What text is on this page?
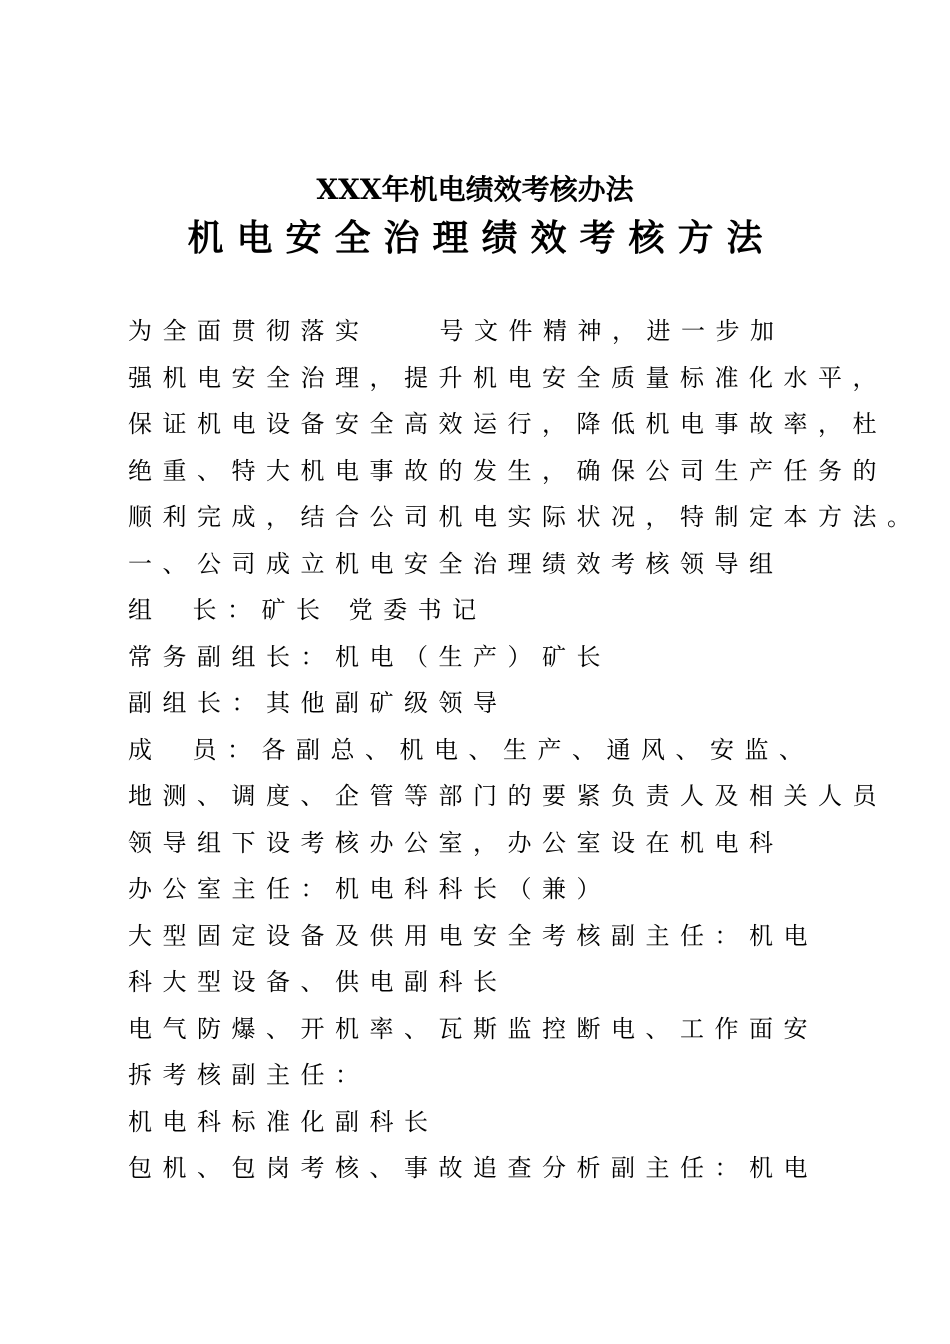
XXX年机电绩效考核办法
机电安全治理绩效考核方法

为全面贯彻落实	号文件精神，进一步加

强机电安全治理，提升机电安全质量标准化水平，

保证机电设备安全高效运行，降低机电事故率，杜

绝重、特大机电事故的发生，确保公司生产任务的

顺利完成，结合公司机电实际状况，特制定本方法。

一、公司成立机电安全治理绩效考核领导组

组 长：矿长 党委书记

常务副组长：机电（生产）矿长

副组长：其他副矿级领导

成 员：各副总、机电、生产、通风、安监、

地测、调度、企管等部门的要紧负责人及相关人员

领导组下设考核办公室，办公室设在机电科

办公室主任：机电科科长（兼）

大型固定设备及供用电安全考核副主任：机电

科大型设备、供电副科长

电气防爆、开机率、瓦斯监控断电、工作面安

拆考核副主任：

机电科标准化副科长

包机、包岗考核、事故追查分析副主任：机电
